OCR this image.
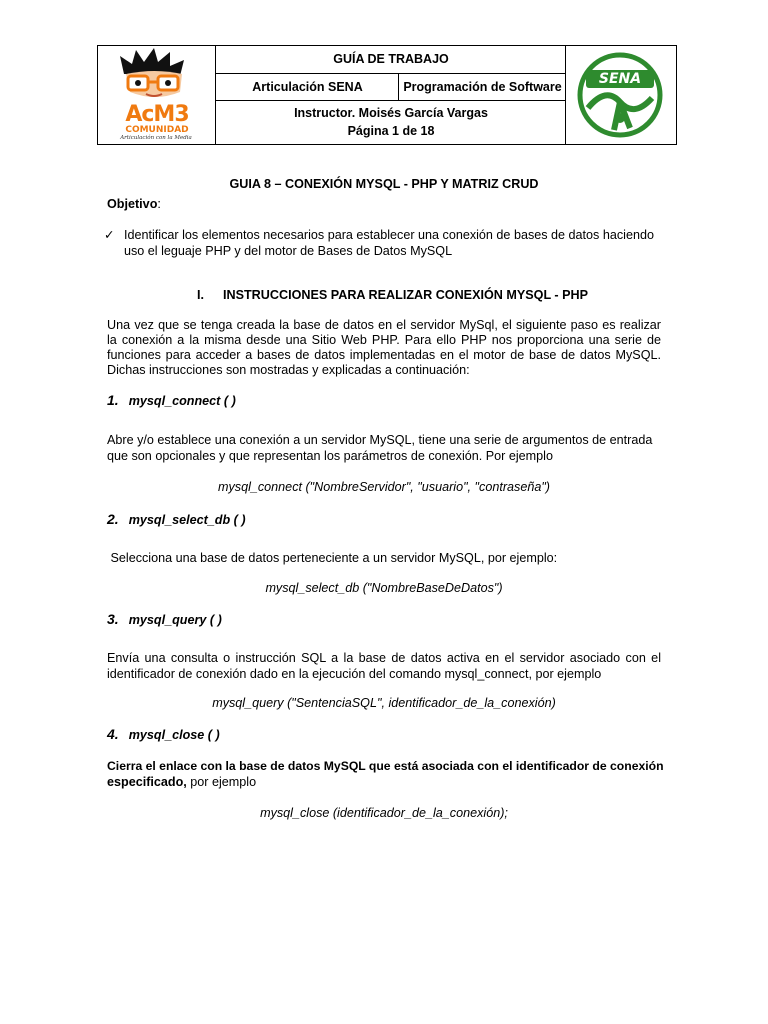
AcM3
COMUNIDAD
Articulación con la Media
GUÍA DE TRABAJO
Articulación SENA	Programación de Software
Instructor. Moisés García Vargas
Página 1 de 18
SENA
GUIA 8 – CONEXIÓN MYSQL - PHP Y MATRIZ CRUD
Objetivo:
✓ Identificar los elementos necesarios para establecer una conexión de bases de datos haciendo
uso el leguaje PHP y del motor de Bases de Datos MySQL
I. INSTRUCCIONES PARA REALIZAR CONEXIÓN MYSQL - PHP
Una vez que se tenga creada la base de datos en el servidor MySql, el siguiente paso es realizar
la conexión a la misma desde una Sitio Web PHP. Para ello PHP nos proporciona una serie de
funciones para acceder a bases de datos implementadas en el motor de base de datos MySQL.
Dichas instrucciones son mostradas y explicadas a continuación:
1. mysql_connect ( )
Abre y/o establece una conexión a un servidor MySQL, tiene una serie de argumentos de entrada
que son opcionales y que representan los parámetros de conexión. Por ejemplo
mysql_connect ("NombreServidor", "usuario", "contraseña")
2. mysql_select_db ( )
Selecciona una base de datos perteneciente a un servidor MySQL, por ejemplo:
mysql_select_db ("NombreBaseDeDatos")
3. mysql_query ( )
Envía una consulta o instrucción SQL a la base de datos activa en el servidor asociado con el
identificador de conexión dado en la ejecución del comando mysql_connect, por ejemplo
mysql_query ("SentenciaSQL", identificador_de_la_conexión)
4. mysql_close ( )
Cierra el enlace con la base de datos MySQL que está asociada con el identificador de conexión
especificado, por ejemplo
mysql_close (identificador_de_la_conexión);
